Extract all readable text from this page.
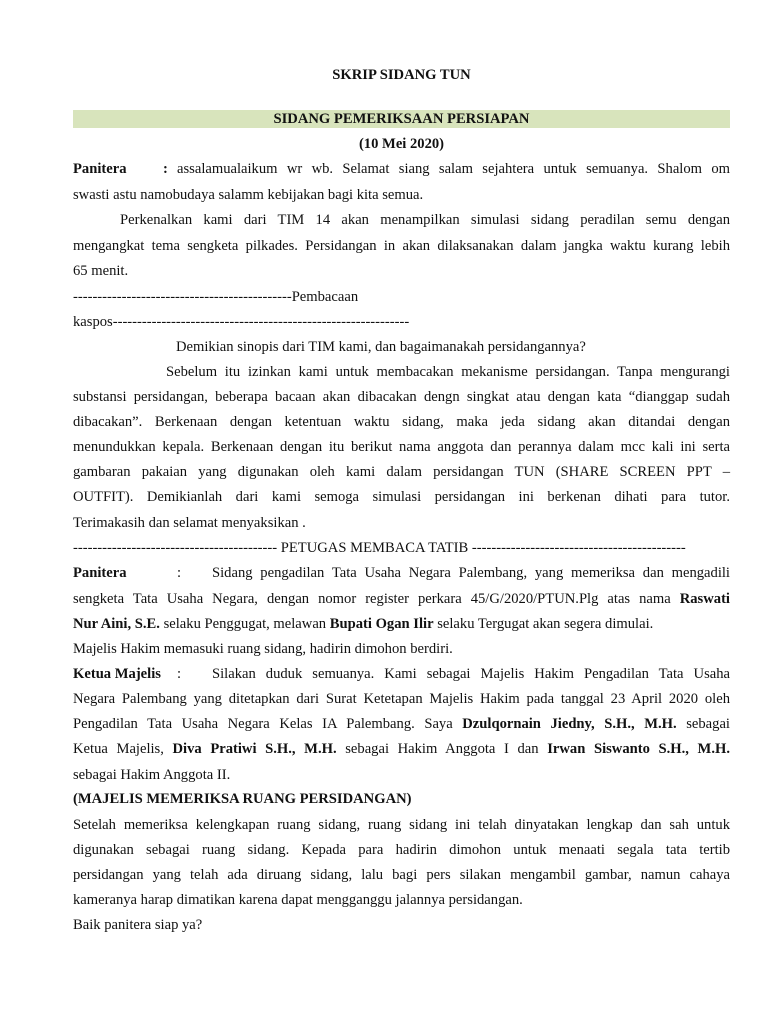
SKRIP SIDANG TUN
SIDANG PEMERIKSAAN PERSIAPAN
(10 Mei 2020)
Panitera	: assalamualaikum wr wb. Selamat siang salam sejahtera untuk semuanya. Shalom om
swasti astu namobudaya salamm kebijakan bagi kita semua.
Perkenalkan kami dari TIM 14 akan menampilkan simulasi sidang peradilan semu dengan
mengangkat tema sengketa pilkades. Persidangan in akan dilaksanakan dalam jangka waktu kurang lebih
65 menit.
---------------------------------------------Pembacaan
kaspos-------------------------------------------------------------
Demikian sinopis dari TIM kami, dan bagaimanakah persidangannya?
Sebelum itu izinkan kami untuk membacakan mekanisme persidangan. Tanpa mengurangi
substansi persidangan, beberapa bacaan akan dibacakan dengn singkat atau dengan kata “dianggap sudah
dibacakan”. Berkenaan dengan ketentuan waktu sidang, maka jeda sidang akan ditandai dengan
menundukkan kepala. Berkenaan dengan itu berikut nama anggota dan perannya dalam mcc kali ini serta
gambaran pakaian yang digunakan oleh kami dalam persidangan TUN (SHARE SCREEN PPT –
OUTFIT). Demikianlah dari kami semoga simulasi persidangan ini berkenan dihati para tutor.
Terimakasih dan selamat menyaksikan .
------------------------------------------ PETUGAS MEMBACA TATIB --------------------------------------------
Panitera	: Sidang pengadilan Tata Usaha Negara Palembang, yang memeriksa dan mengadili
sengketa Tata Usaha Negara, dengan nomor register perkara 45/G/2020/PTUN.Plg atas nama Raswati
Nur Aini, S.E. selaku Penggugat, melawan Bupati Ogan Ilir selaku Tergugat akan segera dimulai.
Majelis Hakim memasuki ruang sidang, hadirin dimohon berdiri.
Ketua Majelis : Silakan duduk semuanya. Kami sebagai Majelis Hakim Pengadilan Tata Usaha
Negara Palembang yang ditetapkan dari Surat Ketetapan Majelis Hakim pada tanggal 23 April 2020 oleh
Pengadilan Tata Usaha Negara Kelas IA Palembang. Saya Dzulqornain Jiedny, S.H., M.H. sebagai
Ketua Majelis, Diva Pratiwi S.H., M.H. sebagai Hakim Anggota I dan Irwan Siswanto S.H., M.H.
sebagai Hakim Anggota II.
(MAJELIS MEMERIKSA RUANG PERSIDANGAN)
Setelah memeriksa kelengkapan ruang sidang, ruang sidang ini telah dinyatakan lengkap dan sah untuk
digunakan sebagai ruang sidang. Kepada para hadirin dimohon untuk menaati segala tata tertib
persidangan yang telah ada diruang sidang, lalu bagi pers silakan mengambil gambar, namun cahaya
kameranya harap dimatikan karena dapat mengganggu jalannya persidangan.
Baik panitera siap ya?
